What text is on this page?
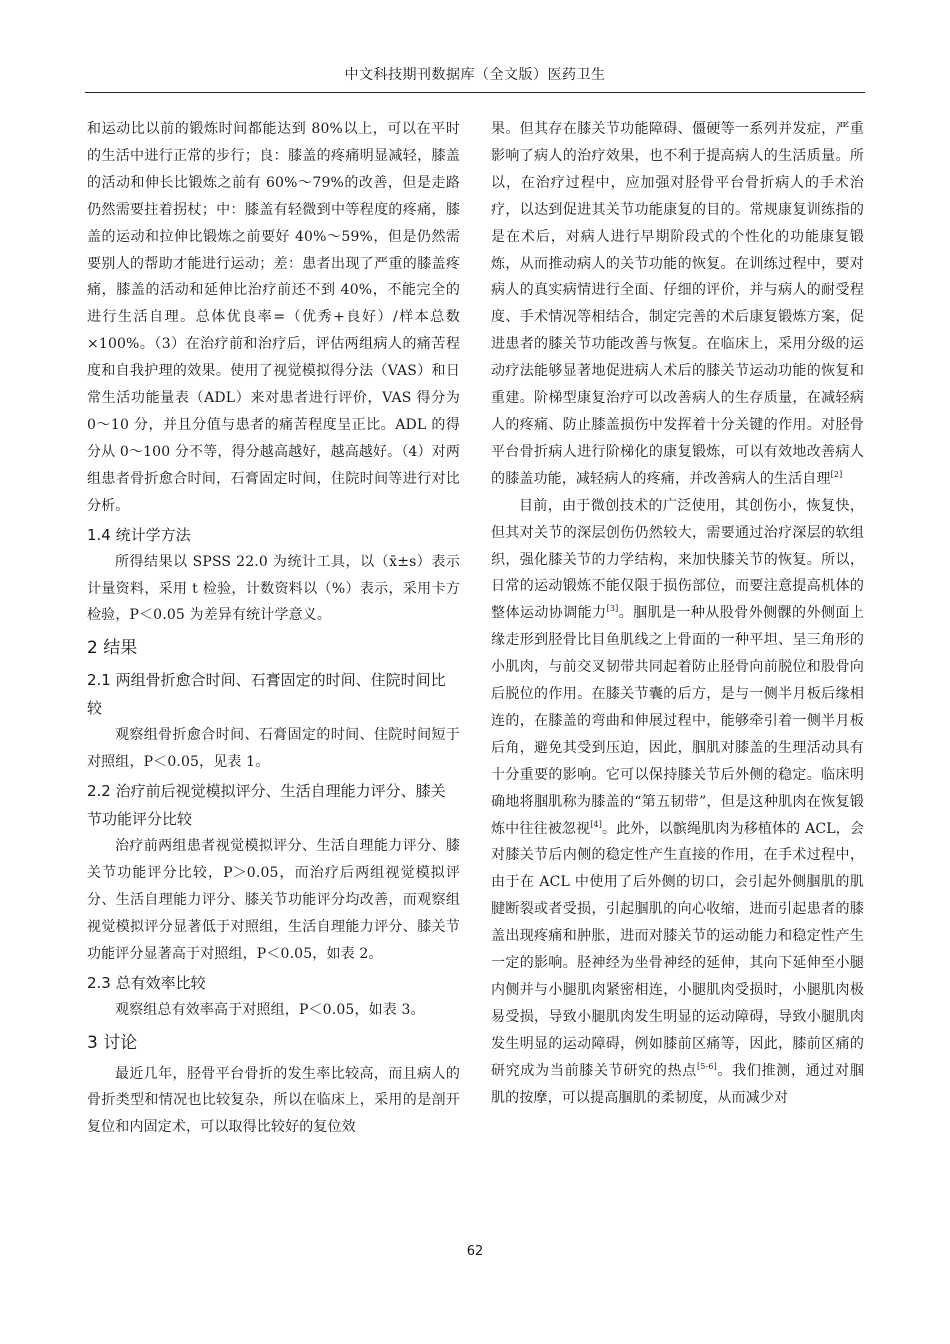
中文科技期刊数据库（全文版）医药卫生

和运动比以前的锻炼时间都能达到 80%以上，可以在平时的生活中进行正常的步行；良：膝盖的疼痛明显减轻，膝盖的活动和伸长比锻炼之前有 60%～79%的改善，但是走路仍然需要拄着拐杖；中：膝盖有轻微到中等程度的疼痛，膝盖的运动和拉伸比锻炼之前要好 40%～59%，但是仍然需要别人的帮助才能进行运动；差：患者出现了严重的膝盖疼痛，膝盖的活动和延伸比治疗前还不到 40%，不能完全的进行生活自理。总体优良率=（优秀+良好）/样本总数×100%。（3）在治疗前和治疗后，评估两组病人的痛苦程度和自我护理的效果。使用了视觉模拟得分法（VAS）和日常生活功能量表（ADL）来对患者进行评价，VAS 得分为 0～10 分，并且分值与患者的痛苦程度呈正比。ADL 的得分从 0～100 分不等，得分越高越好，越高越好。（4）对两组患者骨折愈合时间，石膏固定时间，住院时间等进行对比分析。

1.4 统计学方法

所得结果以 SPSS 22.0 为统计工具，以（x̄±s）表示计量资料，采用 t 检验，计数资料以（%）表示，采用卡方检验，P＜0.05 为差异有统计学意义。

2 结果
2.1 两组骨折愈合时间、石膏固定的时间、住院时间比较

观察组骨折愈合时间、石膏固定的时间、住院时间短于对照组，P＜0.05，见表 1。

2.2 治疗前后视觉模拟评分、生活自理能力评分、膝关节功能评分比较

治疗前两组患者视觉模拟评分、生活自理能力评分、膝关节功能评分比较，P＞0.05，而治疗后两组视觉模拟评分、生活自理能力评分、膝关节功能评分均改善，而观察组视觉模拟评分显著低于对照组，生活自理能力评分、膝关节功能评分显著高于对照组，P＜0.05，如表 2。

2.3 总有效率比较

观察组总有效率高于对照组，P＜0.05，如表 3。

3 讨论

最近几年，胫骨平台骨折的发生率比较高，而且病人的骨折类型和情况也比较复杂，所以在临床上，采用的是剖开复位和内固定术，可以取得比较好的复位效

果。但其存在膝关节功能障碍、僵硬等一系列并发症，严重影响了病人的治疗效果，也不利于提高病人的生活质量。所以，在治疗过程中，应加强对胫骨平台骨折病人的手术治疗，以达到促进其关节功能康复的目的。常规康复训练指的是在术后，对病人进行早期阶段式的个性化的功能康复锻炼，从而推动病人的关节功能的恢复。在训练过程中，要对病人的真实病情进行全面、仔细的评价，并与病人的耐受程度、手术情况等相结合，制定完善的术后康复锻炼方案，促进患者的膝关节功能改善与恢复。在临床上，采用分级的运动疗法能够显著地促进病人术后的膝关节运动功能的恢复和重建。阶梯型康复治疗可以改善病人的生存质量，在减轻病人的疼痛、防止膝盖损伤中发挥着十分关键的作用。对胫骨平台骨折病人进行阶梯化的康复锻炼，可以有效地改善病人的膝盖功能，减轻病人的疼痛，并改善病人的生活自理[2]

目前，由于微创技术的广泛使用，其创伤小，恢复快，但其对关节的深层创伤仍然较大，需要通过治疗深层的软组织，强化膝关节的力学结构，来加快膝关节的恢复。所以，日常的运动锻炼不能仅限于损伤部位，而要注意提高机体的整体运动协调能力[3]。腘肌是一种从股骨外侧髁的外侧面上缘走形到胫骨比目鱼肌线之上骨面的一种平坦、呈三角形的小肌肉，与前交叉韧带共同起着防止胫骨向前脱位和股骨向后脱位的作用。在膝关节囊的后方，是与一侧半月板后缘相连的，在膝盖的弯曲和伸展过程中，能够牵引着一侧半月板后角，避免其受到压迫，因此，腘肌对膝盖的生理活动具有十分重要的影响。它可以保持膝关节后外侧的稳定。临床明确地将腘肌称为膝盖的“第五韧带”，但是这种肌肉在恢复锻炼中往往被忽视[4]。此外，以髌绳肌肉为移植体的 ACL，会对膝关节后内侧的稳定性产生直接的作用，在手术过程中，由于在 ACL 中使用了后外侧的切口，会引起外侧腘肌的肌腱断裂或者受损，引起腘肌的向心收缩，进而引起患者的膝盖出现疼痛和肿胀，进而对膝关节的运动能力和稳定性产生一定的影响。胫神经为坐骨神经的延伸，其向下延伸至小腿内侧并与小腿肌肉紧密相连，小腿肌肉受损时，小腿肌肉极易受损，导致小腿肌肉发生明显的运动障碍，导致小腿肌肉发生明显的运动障碍，例如膝前区痛等，因此，膝前区痛的研究成为当前膝关节研究的热点[5-6]。我们推测，通过对腘肌的按摩，可以提高腘肌的柔韧度，从而减少对

62
